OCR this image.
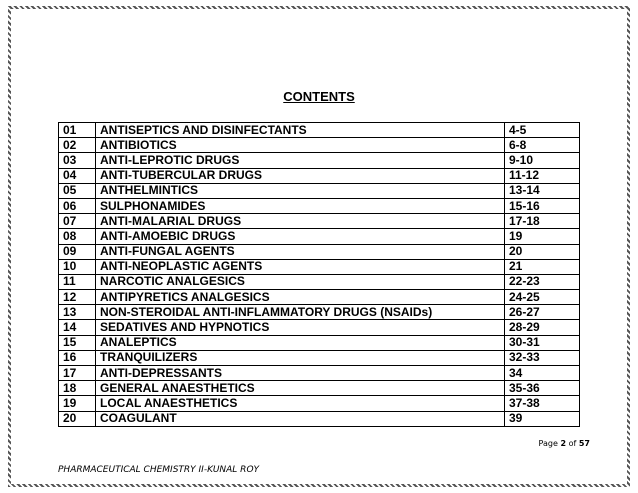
CONTENTS
01	ANTISEPTICS AND DISINFECTANTS	4-5
02	ANTIBIOTICS	6-8
03	ANTI-LEPROTIC DRUGS	9-10
04	ANTI-TUBERCULAR DRUGS	11-12
05	ANTHELMINTICS	13-14
06	SULPHONAMIDES	15-16
07	ANTI-MALARIAL DRUGS	17-18
08	ANTI-AMOEBIC DRUGS	19
09	ANTI-FUNGAL AGENTS	20
10	ANTI-NEOPLASTIC AGENTS	21
11	NARCOTIC ANALGESICS	22-23
12	ANTIPYRETICS ANALGESICS	24-25
13	NON-STEROIDAL ANTI-INFLAMMATORY DRUGS (NSAIDs)	26-27
14	SEDATIVES AND HYPNOTICS	28-29
15	ANALEPTICS	30-31
16	TRANQUILIZERS	32-33
17	ANTI-DEPRESSANTS	34
18	GENERAL ANAESTHETICS	35-36
19	LOCAL ANAESTHETICS	37-38
20	COAGULANT	39
Page 2 of 57
PHARMACEUTICAL CHEMISTRY II-KUNAL ROY
